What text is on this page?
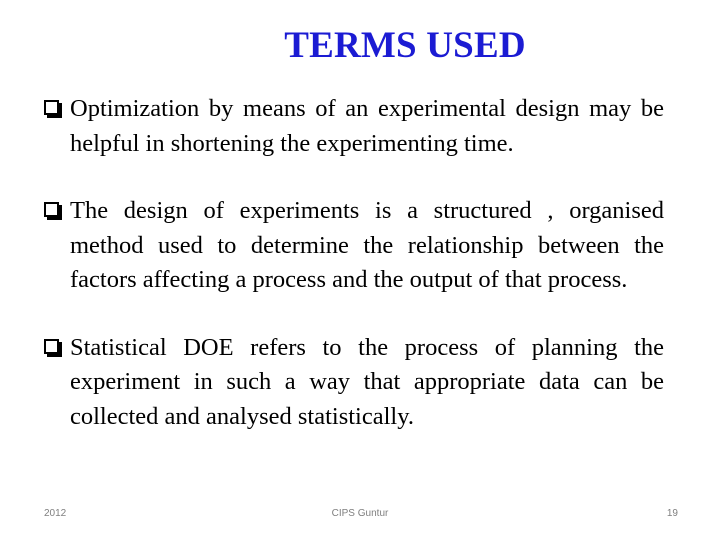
TERMS USED
Optimization by means of an experimental design may be helpful in shortening the experimenting time.
The design of experiments is a structured , organised method used to determine the relationship between the factors affecting a process and the output of that process.
Statistical DOE refers to the process of planning the experiment in such a way that appropriate data can be collected and analysed statistically.
2012	CIPS Guntur	19
